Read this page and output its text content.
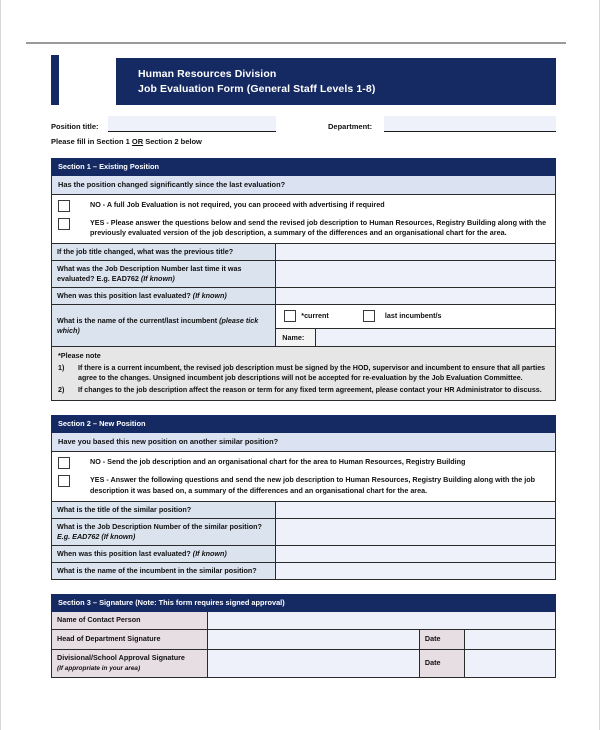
Human Resources Division
Job Evaluation Form (General Staff Levels 1-8)
Position title:	Department:
Please fill in Section 1 OR Section 2 below
Section 1 – Existing Position	
Has the position changed significantly since the last evaluation?	

NO - A full Job Evaluation is not required, you can proceed with advertising if required
YES - Please answer the questions below and send the revised job description to Human Resources, Registry Building along with the previously evaluated version of the job description, a summary of the differences and an organisational chart for the area.	

If the job title changed, what was the previous title?	
What was the Job Description Number last time it was evaluated? E.g. EAD762 (If known)	
When was this position last evaluated? (If known)	
What is the name of the current/last incumbent (please tick which)	*current last incumbent/s
Name:

*Please note
1) If there is a current incumbent, the revised job description must be signed by the HOD, supervisor and incumbent to ensure that all parties agree to the changes. Unsigned incumbent job descriptions will not be accepted for re-evaluation by the Job Evaluation Committee.
2) If changes to the job description affect the reason or term for any fixed term agreement, please contact your HR Administrator to discuss.	
Section 2 – New Position	
Have you based this new position on another similar position?	

NO - Send the job description and an organisational chart for the area to Human Resources, Registry Building
YES - Answer the following questions and send the new job description to Human Resources, Registry Building along with the job description it was based on, a summary of the differences and an organisational chart for the area.	

What is the title of the similar position?	
What is the Job Description Number of the similar position? E.g. EAD762 (If known)	
When was this position last evaluated? (If known)	
What is the name of the incumbent in the similar position?	
Section 3 – Signature (Note: This form requires signed approval)			
Name of Contact Person			
Head of Department Signature		Date	
Divisional/School Approval Signature
(If appropriate in your area)		Date	
